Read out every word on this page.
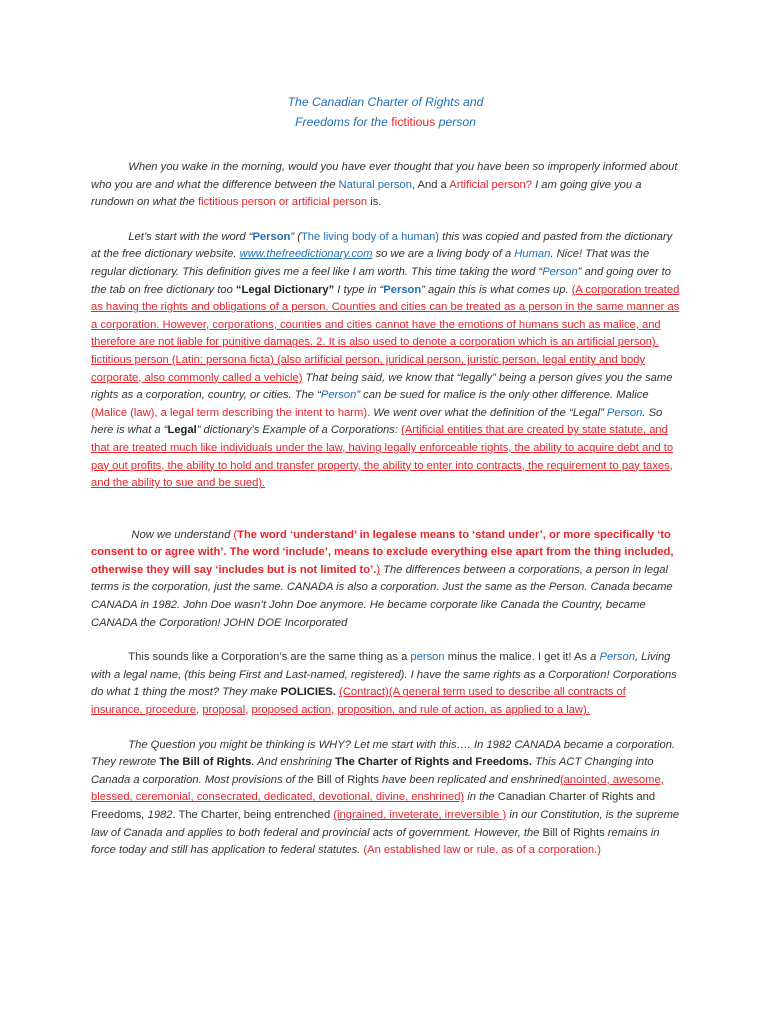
The Canadian Charter of Rights and
Freedoms for the fictitious person

When you wake in the morning, would you have ever thought that you have been so improperly informed about who you are and what the difference between the Natural person, And a Artificial person? I am going give you a rundown on what the fictitious person or artificial person is.

Let’s start with the word “Person” (The living body of a human) this was copied and pasted from the dictionary at the free dictionary website. www.thefreedictionary.com so we are a living body of a Human. Nice! That was the regular dictionary. This definition gives me a feel like I am worth. This time taking the word “Person” and going over to the tab on free dictionary too “Legal Dictionary” I type in “Person” again this is what comes up. (A corporation treated as having the rights and obligations of a person. Counties and cities can be treated as a person in the same manner as a corporation. However, corporations, counties and cities cannot have the emotions of humans such as malice, and therefore are not liable for punitive damages. 2. It is also used to denote a corporation which is an artificial person). fictitious person (Latin: persona ficta) (also artificial person, juridical person, juristic person, legal entity and body corporate, also commonly called a vehicle) That being said, we know that “legally” being a person gives you the same rights as a corporation, country, or cities. The “Person” can be sued for malice is the only other difference. Malice (Malice (law), a legal term describing the intent to harm). We went over what the definition of the “Legal” Person. So here is what a “Legal” dictionary’s Example of a Corporations: (Artificial entities that are created by state statute, and that are treated much like individuals under the law, having legally enforceable rights, the ability to acquire debt and to pay out profits, the ability to hold and transfer property, the ability to enter into contracts, the requirement to pay taxes, and the ability to sue and be sued).

Now we understand (The word ‘understand’ in legalese means to ‘stand under’, or more specifically ‘to consent to or agree with’. The word ‘include’, means to exclude everything else apart from the thing included, otherwise they will say ‘includes but is not limited to’.) The differences between a corporations, a person in legal terms is the corporation, just the same. CANADA is also a corporation. Just the same as the Person. Canada became CANADA in 1982. John Doe wasn’t John Doe anymore. He became corporate like Canada the Country, became CANADA the Corporation! JOHN DOE Incorporated

This sounds like a Corporation’s are the same thing as a person minus the malice. I get it! As a Person, Living with a legal name, (this being First and Last-named, registered). I have the same rights as a Corporation! Corporations do what 1 thing the most? They make POLICIES. (Contract)(A general term used to describe all contracts of insurance, procedure, proposal, proposed action, proposition, and rule of action, as applied to a law).

The Question you might be thinking is WHY? Let me start with this…. In 1982 CANADA became a corporation. They rewrote The Bill of Rights. And enshrining The Charter of Rights and Freedoms. This ACT Changing into Canada a corporation. Most provisions of the Bill of Rights have been replicated and enshrined(anointed, awesome, blessed, ceremonial, consecrated, dedicated, devotional, divine, enshrined) in the Canadian Charter of Rights and Freedoms, 1982. The Charter, being entrenched (ingrained, inveterate, irreversible ) in our Constitution, is the supreme law of Canada and applies to both federal and provincial acts of government. However, the Bill of Rights remains in force today and still has application to federal statutes. (An established law or rule, as of a corporation.)
